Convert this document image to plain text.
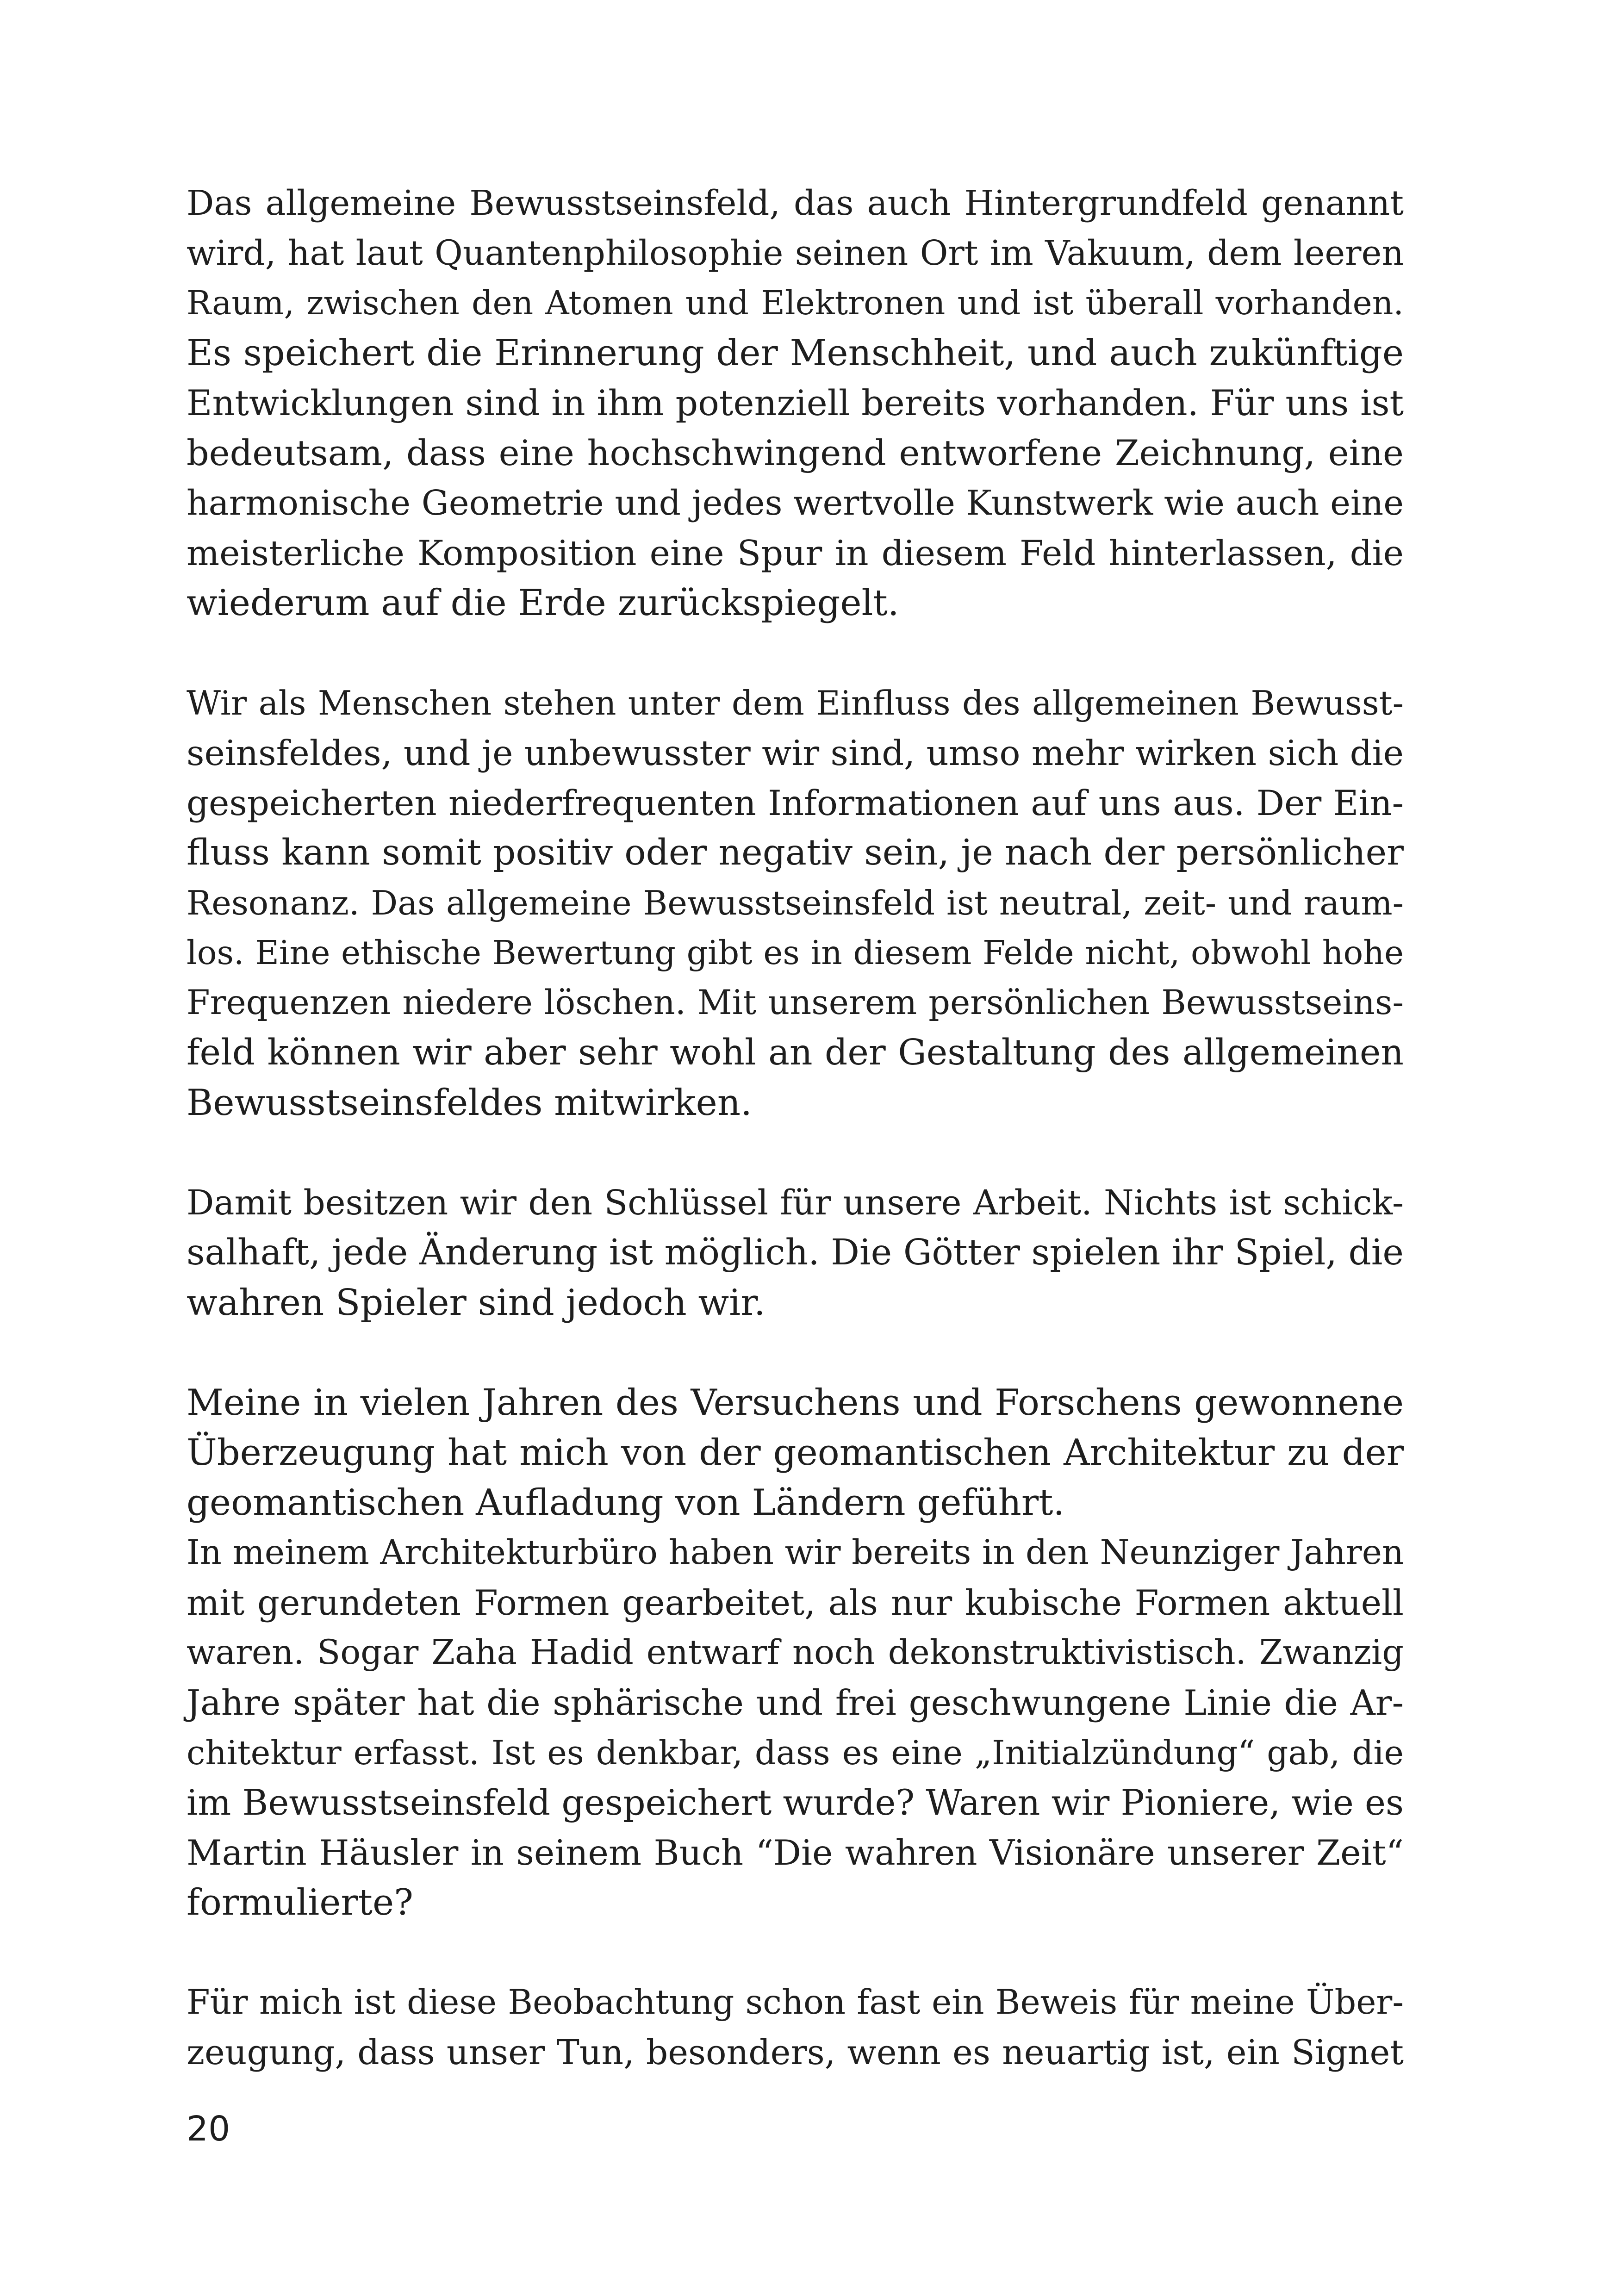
Das allgemeine Bewusstseinsfeld, das auch Hintergrundfeld genannt
wird, hat laut Quantenphilosophie seinen Ort im Vakuum, dem leeren
Raum, zwischen den Atomen und Elektronen und ist überall vorhanden.
Es speichert die Erinnerung der Menschheit, und auch zukünftige
Entwicklungen sind in ihm potenziell bereits vorhanden. Für uns ist
bedeutsam, dass eine hochschwingend entworfene Zeichnung, eine
harmonische Geometrie und jedes wertvolle Kunstwerk wie auch eine
meisterliche Komposition eine Spur in diesem Feld hinterlassen, die
wiederum auf die Erde zurückspiegelt.

Wir als Menschen stehen unter dem Einfluss des allgemeinen Bewusst-
seinsfeldes, und je unbewusster wir sind, umso mehr wirken sich die
gespeicherten niederfrequenten Informationen auf uns aus. Der Ein-
fluss kann somit positiv oder negativ sein, je nach der persönlicher
Resonanz. Das allgemeine Bewusstseinsfeld ist neutral, zeit- und raum-
los. Eine ethische Bewertung gibt es in diesem Felde nicht, obwohl hohe
Frequenzen niedere löschen. Mit unserem persönlichen Bewusstseins-
feld können wir aber sehr wohl an der Gestaltung des allgemeinen
Bewusstseinsfeldes mitwirken.

Damit besitzen wir den Schlüssel für unsere Arbeit. Nichts ist schick-
salhaft, jede Änderung ist möglich. Die Götter spielen ihr Spiel, die
wahren Spieler sind jedoch wir.

Meine in vielen Jahren des Versuchens und Forschens gewonnene
Überzeugung hat mich von der geomantischen Architektur zu der
geomantischen Aufladung von Ländern geführt.

In meinem Architekturbüro haben wir bereits in den Neunziger Jahren
mit gerundeten Formen gearbeitet, als nur kubische Formen aktuell
waren. Sogar Zaha Hadid entwarf noch dekonstruktivistisch. Zwanzig
Jahre später hat die sphärische und frei geschwungene Linie die Ar-
chitektur erfasst. Ist es denkbar, dass es eine „Initialzündung“ gab, die
im Bewusstseinsfeld gespeichert wurde? Waren wir Pioniere, wie es
Martin Häusler in seinem Buch “Die wahren Visionäre unserer Zeit“
formulierte?

Für mich ist diese Beobachtung schon fast ein Beweis für meine Über-
zeugung, dass unser Tun, besonders, wenn es neuartig ist, ein Signet

20
